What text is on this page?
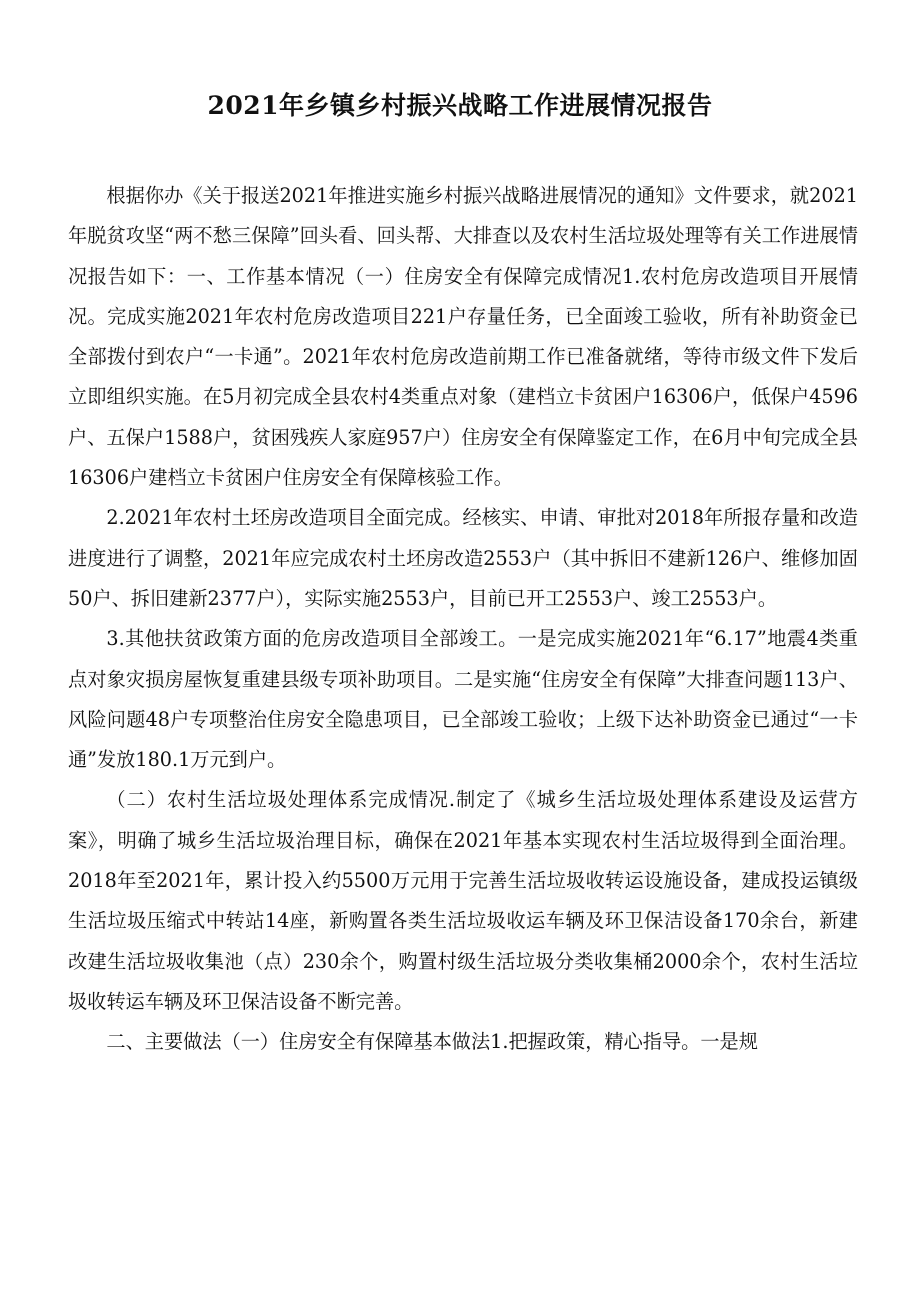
2021年乡镇乡村振兴战略工作进展情况报告

根据你办《关于报送2021年推进实施乡村振兴战略进展情况的通知》文件要求，就2021年脱贫攻坚“两不愁三保障”回头看、回头帮、大排查以及农村生活垃圾处理等有关工作进展情况报告如下：一、工作基本情况（一）住房安全有保障完成情况1.农村危房改造项目开展情况。完成实施2021年农村危房改造项目221户存量任务，已全面竣工验收，所有补助资金已全部拨付到农户“一卡通”。2021年农村危房改造前期工作已准备就绪，等待市级文件下发后立即组织实施。在5月初完成全县农村4类重点对象（建档立卡贫困户16306户，低保户4596户、五保户1588户，贫困残疾人家庭957户）住房安全有保障鉴定工作，在6月中旬完成全县16306户建档立卡贫困户住房安全有保障核验工作。

2.2021年农村土坯房改造项目全面完成。经核实、申请、审批对2018年所报存量和改造进度进行了调整，2021年应完成农村土坯房改造2553户（其中拆旧不建新126户、维修加固50户、拆旧建新2377户），实际实施2553户，目前已开工2553户、竣工2553户。

3.其他扶贫政策方面的危房改造项目全部竣工。一是完成实施2021年“6.17”地震4类重点对象灾损房屋恢复重建县级专项补助项目。二是实施“住房安全有保障”大排查问题113户、风险问题48户专项整治住房安全隐患项目，已全部竣工验收；上级下达补助资金已通过“一卡通”发放180.1万元到户。

（二）农村生活垃圾处理体系完成情况.制定了《城乡生活垃圾处理体系建设及运营方案》，明确了城乡生活垃圾治理目标，确保在2021年基本实现农村生活垃圾得到全面治理。2018年至2021年，累计投入约5500万元用于完善生活垃圾收转运设施设备，建成投运镇级生活垃圾压缩式中转站14座，新购置各类生活垃圾收运车辆及环卫保洁设备170余台，新建改建生活垃圾收集池（点）230余个，购置村级生活垃圾分类收集桶2000余个，农村生活垃圾收转运车辆及环卫保洁设备不断完善。

二、主要做法（一）住房安全有保障基本做法1.把握政策，精心指导。一是规
